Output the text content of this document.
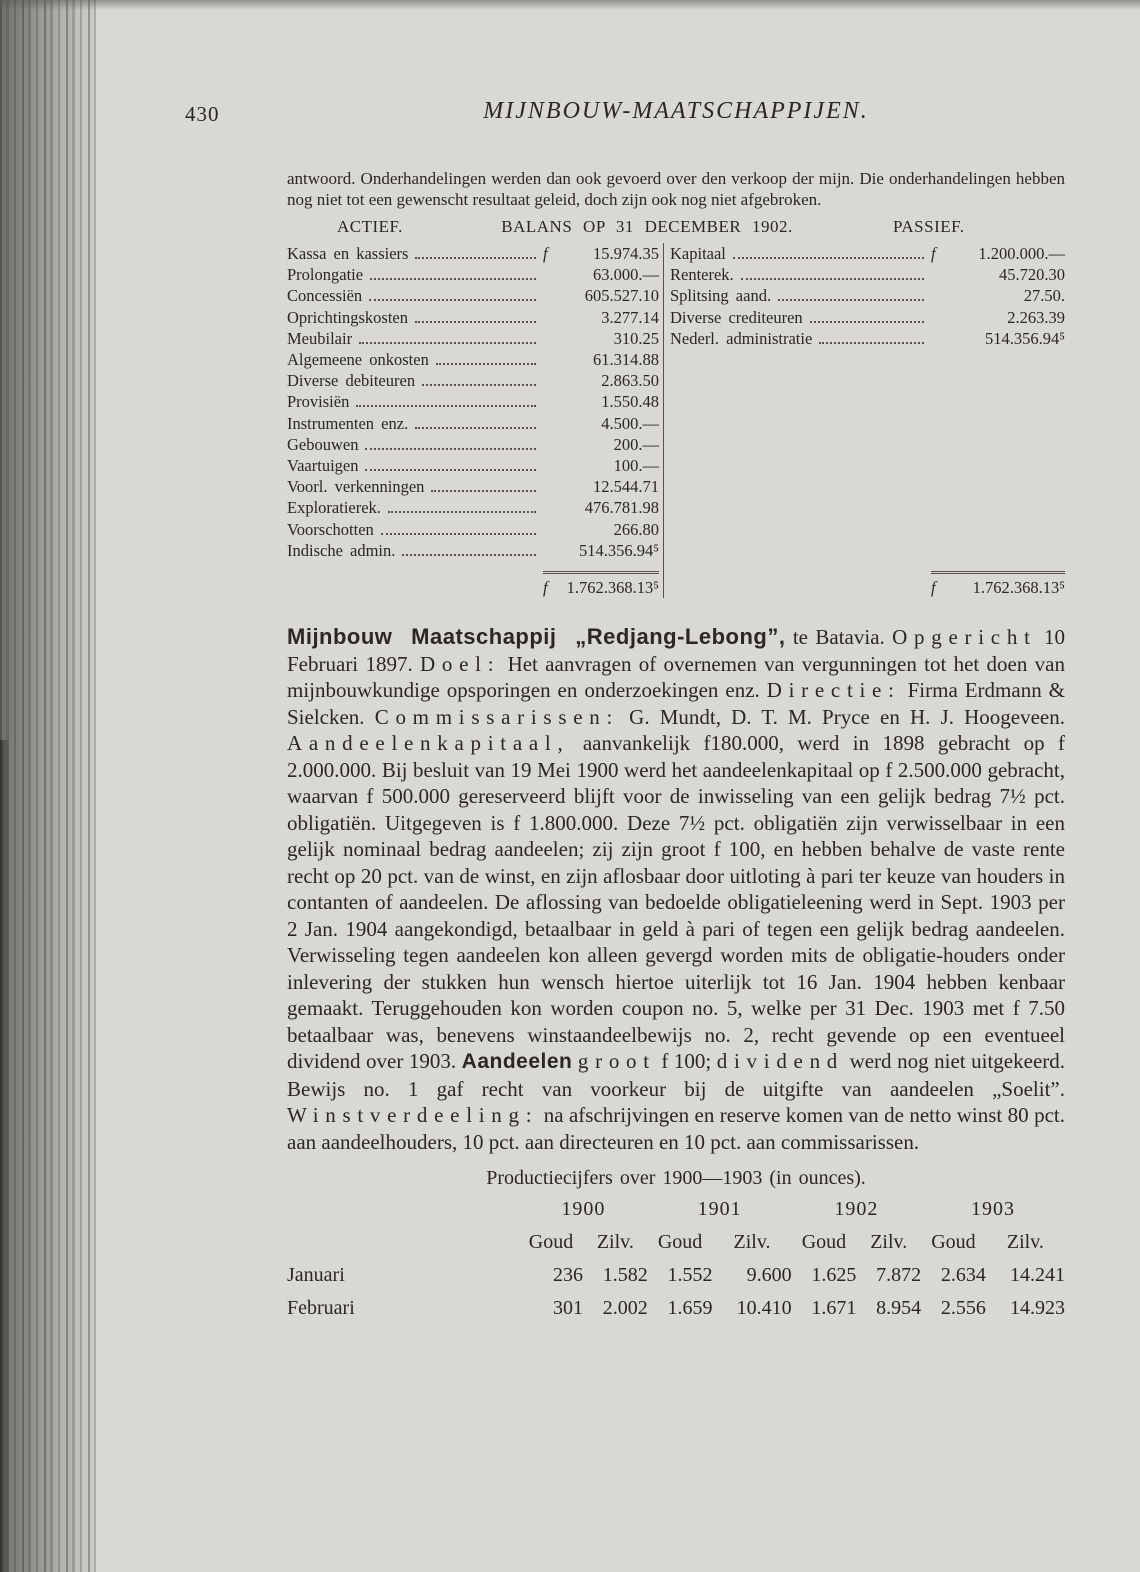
430	MIJNBOUW-MAATSCHAPPIJEN.

antwoord. Onderhandelingen werden dan ook gevoerd over den verkoop der mijn. Die onderhandelingen hebben nog niet tot een gewenscht resultaat geleid, doch zijn ook nog niet afgebroken.

ACTIEF.	BALANS OP 31 DECEMBER 1902.	PASSIEF.
Kassa en kassiers	f	15.974.35
Prolongatie	63.000.—
Concessiën	605.527.10
Oprichtingskosten	3.277.14
Meubilair	310.25
Algemeene onkosten	61.314.88
Diverse debiteuren	2.863.50
Provisiën	1.550.48
Instrumenten enz.	4.500.—
Gebouwen	200.—
Vaartuigen	100.—
Voorl. verkenningen	12.544.71
Exploratierek.	476.781.98
Voorschotten	266.80
Indische admin.	514.356.94⁵
f	1.762.368.13⁵
Kapitaal	f	1.200.000.—
Renterek.	45.720.30
Splitsing aand.	27.50.
Diverse crediteuren	2.263.39
Nederl. administratie	514.356.94⁵
f	1.762.368.13⁵

Mijnbouw Maatschappij „Redjang-Lebong”, te Batavia. Opgericht 10 Februari 1897. Doel: Het aanvragen of overnemen van vergunningen tot het doen van mijnbouwkundige opsporingen en onderzoekingen enz. Directie: Firma Erdmann & Sielcken. Commissarissen: G. Mundt, D. T. M. Pryce en H. J. Hoogeveen. Aandeelenkapitaal, aanvankelijk f180.000, werd in 1898 gebracht op f 2.000.000. Bij besluit van 19 Mei 1900 werd het aandeelenkapitaal op f 2.500.000 gebracht, waarvan f 500.000 gereserveerd blijft voor de inwisseling van een gelijk bedrag 7½ pct. obligatiën. Uitgegeven is f 1.800.000. Deze 7½ pct. obligatiën zijn verwisselbaar in een gelijk nominaal bedrag aandeelen; zij zijn groot f 100, en hebben behalve de vaste rente recht op 20 pct. van de winst, en zijn aflosbaar door uitloting à pari ter keuze van houders in contanten of aandeelen. De aflossing van bedoelde obligatieleening werd in Sept. 1903 per 2 Jan. 1904 aangekondigd, betaalbaar in geld à pari of tegen een gelijk bedrag aandeelen. Verwisseling tegen aandeelen kon alleen gevergd worden mits de obligatie-houders onder inlevering der stukken hun wensch hiertoe uiterlijk tot 16 Jan. 1904 hebben kenbaar gemaakt. Teruggehouden kon worden coupon no. 5, welke per 31 Dec. 1903 met f 7.50 betaalbaar was, benevens winstaandeelbewijs no. 2, recht gevende op een eventueel dividend over 1903. Aandeelen groot f 100; dividend werd nog niet uitgekeerd. Bewijs no. 1 gaf recht van voorkeur bij de uitgifte van aandeelen „Soelit”. Winstverdeeling: na afschrijvingen en reserve komen van de netto winst 80 pct. aan aandeelhouders, 10 pct. aan directeuren en 10 pct. aan commissarissen.

Productiecijfers over 1900—1903 (in ounces).
	1900		1901		1902		1903	
	Goud	Zilv.	Goud	Zilv.	Goud	Zilv.	Goud	Zilv.
Januari	236	1.582	1.552	9.600	1.625	7.872	2.634	14.241
Februari	301	2.002	1.659	10.410	1.671	8.954	2.556	14.923
